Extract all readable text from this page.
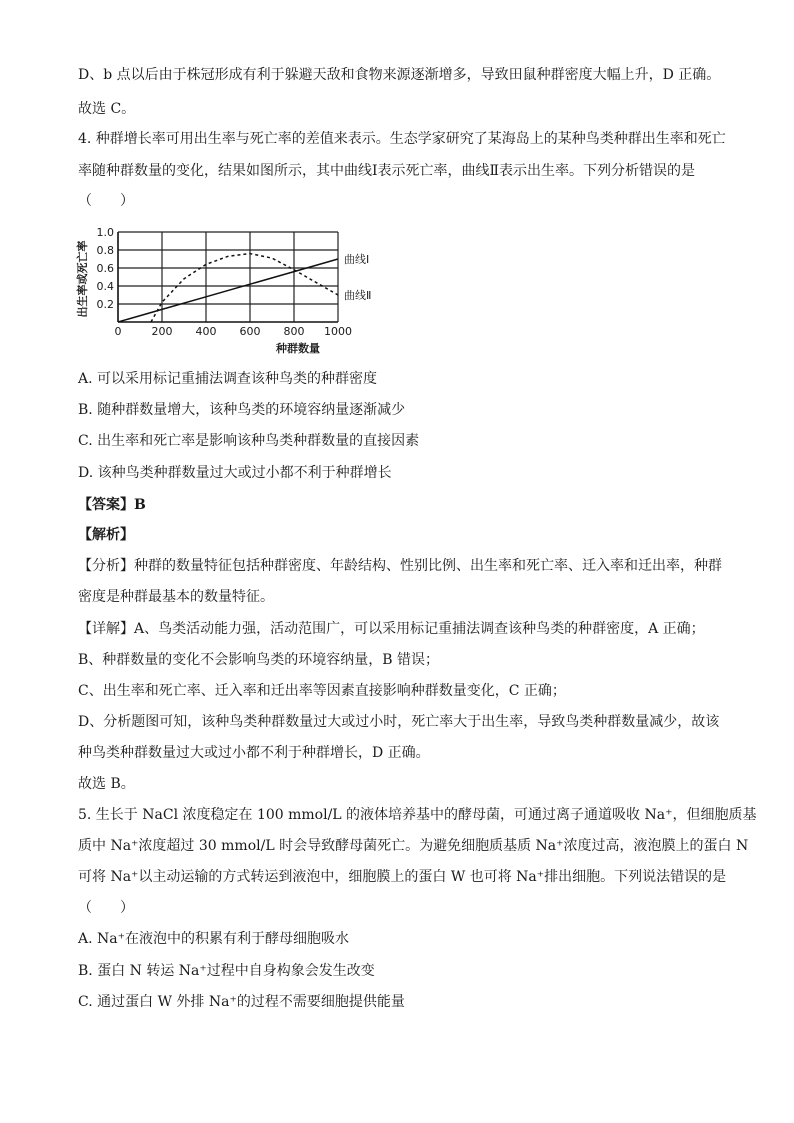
D、b 点以后由于株冠形成有利于躲避天敌和食物来源逐渐增多，导致田鼠种群密度大幅上升，D 正确。
故选 C。
4. 种群增长率可用出生率与死亡率的差值来表示。生态学家研究了某海岛上的某种鸟类种群出生率和死亡
率随种群数量的变化，结果如图所示，其中曲线Ⅰ表示死亡率，曲线Ⅱ表示出生率。下列分析错误的是
（　　）
A. 可以采用标记重捕法调查该种鸟类的种群密度
B. 随种群数量增大，该种鸟类的环境容纳量逐渐减少
C. 出生率和死亡率是影响该种鸟类种群数量的直接因素
D. 该种鸟类种群数量过大或过小都不利于种群增长
【答案】B
【解析】
【分析】种群的数量特征包括种群密度、年龄结构、性别比例、出生率和死亡率、迁入率和迁出率，种群
密度是种群最基本的数量特征。
【详解】A、鸟类活动能力强，活动范围广，可以采用标记重捕法调查该种鸟类的种群密度，A 正确；
B、种群数量的变化不会影响鸟类的环境容纳量，B 错误；
C、出生率和死亡率、迁入率和迁出率等因素直接影响种群数量变化，C 正确；
D、分析题图可知，该种鸟类种群数量过大或过小时，死亡率大于出生率，导致鸟类种群数量减少，故该
种鸟类种群数量过大或过小都不利于种群增长，D 正确。
故选 B。
5. 生长于 NaCl 浓度稳定在 100 mmol/L 的液体培养基中的酵母菌，可通过离子通道吸收 Na⁺，但细胞质基
质中 Na⁺浓度超过 30 mmol/L 时会导致酵母菌死亡。为避免细胞质基质 Na⁺浓度过高，液泡膜上的蛋白 N
可将 Na⁺以主动运输的方式转运到液泡中，细胞膜上的蛋白 W 也可将 Na⁺排出细胞。下列说法错误的是
（　　）
A. Na⁺在液泡中的积累有利于酵母细胞吸水
B. 蛋白 N 转运 Na⁺过程中自身构象会发生改变
C. 通过蛋白 W 外排 Na⁺的过程不需要细胞提供能量
0	200 400 600 800 1000
0.2
0.4
0.6
0.8
1.0
种群数量
出生率或死亡率	曲线Ⅰ
曲线Ⅱ
